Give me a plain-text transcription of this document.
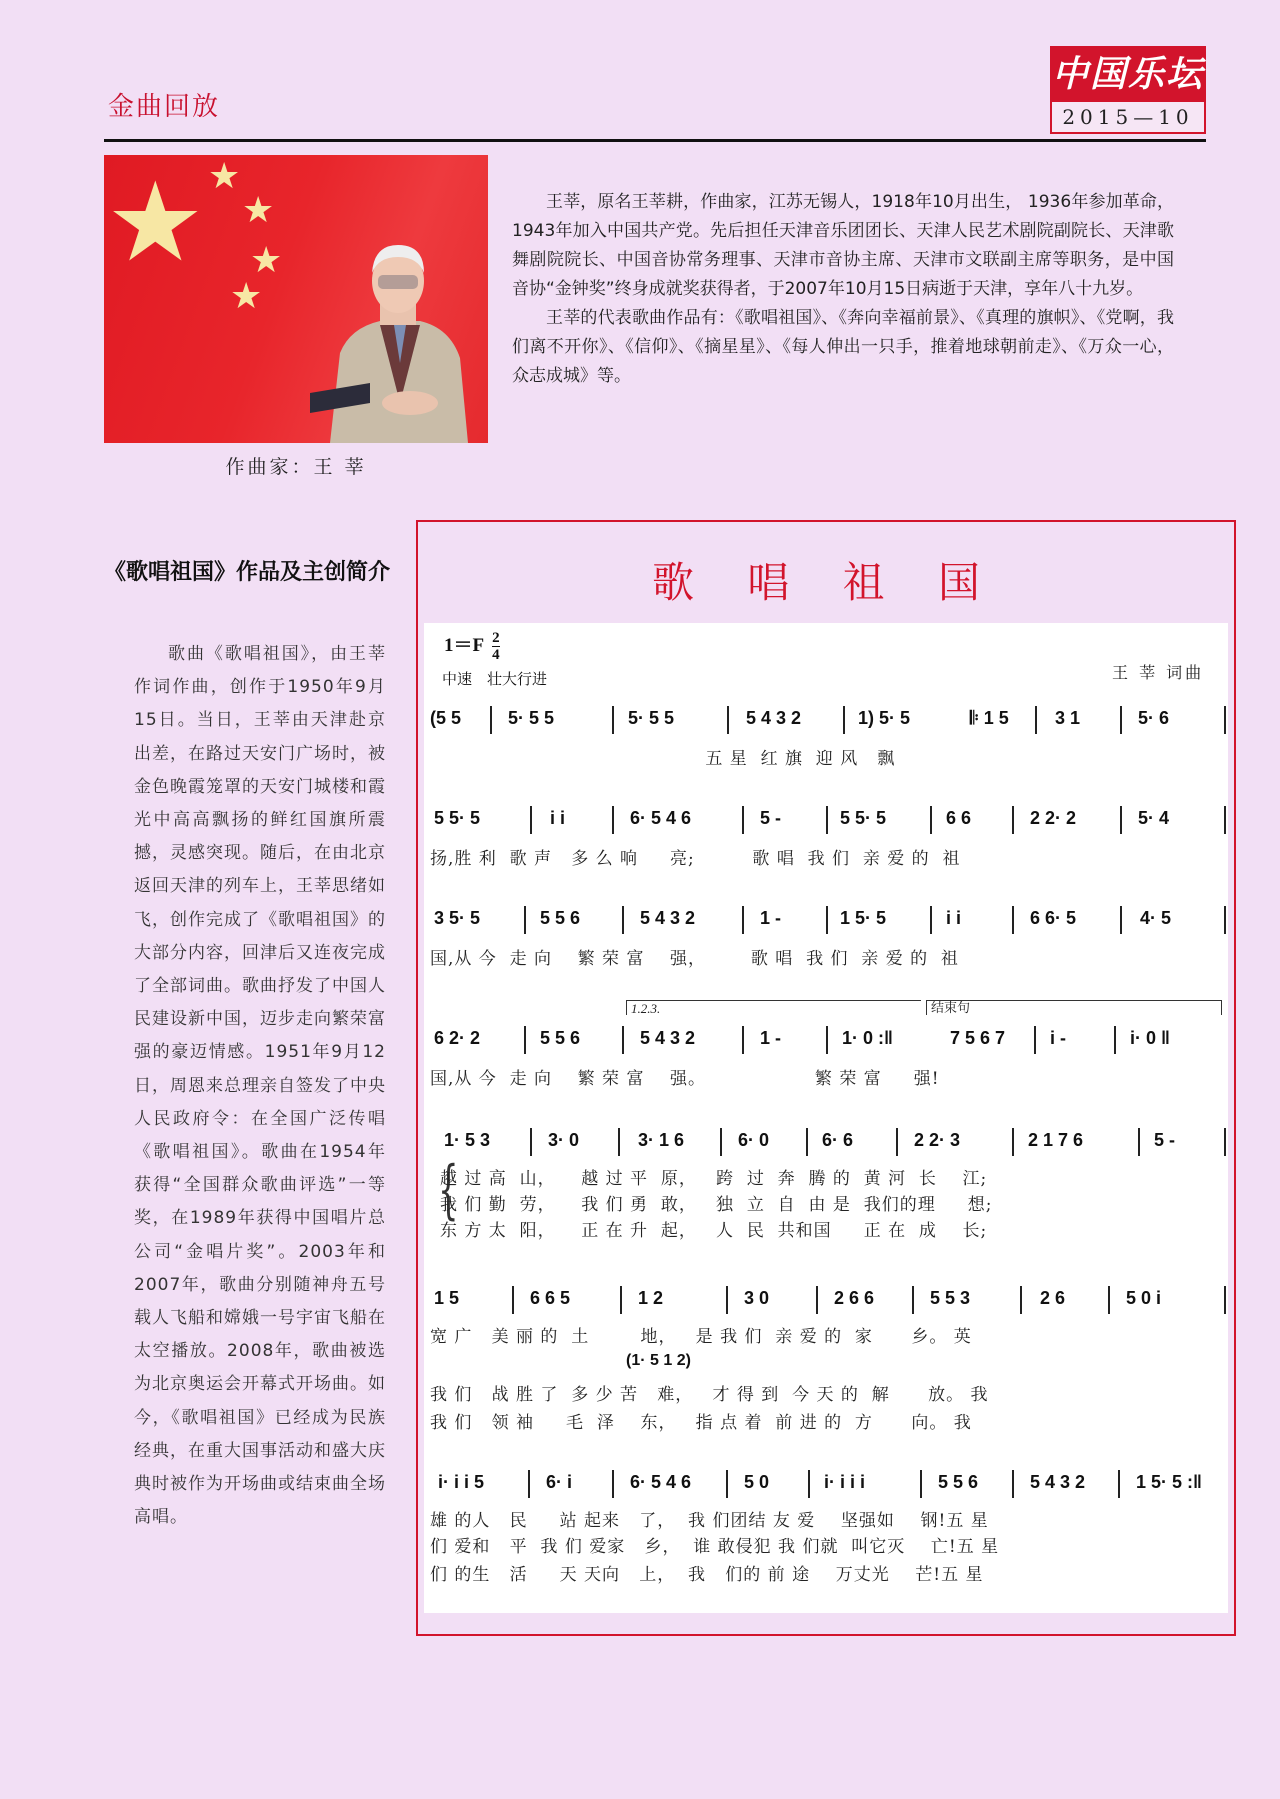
金曲回放
中国乐坛
2015—10
★ ★
★
★
★
作曲家：王 莘

王莘，原名王莘耕，作曲家，江苏无锡人，1918年10月出生， 1936年参加革命，1943年加入中国共产党。先后担任天津音乐团团长、天津人民艺术剧院副院长、天津歌舞剧院院长、中国音协常务理事、天津市音协主席、天津市文联副主席等职务，是中国音协“金钟奖”终身成就奖获得者，于2007年10月15日病逝于天津，享年八十九岁。

王莘的代表歌曲作品有：《歌唱祖国》、《奔向幸福前景》、《真理的旗帜》、《党啊，我们离不开你》、《信仰》、《摘星星》、《每人伸出一只手，推着地球朝前走》、《万众一心，众志成城》等。

《歌唱祖国》作品及主创简介

歌曲《歌唱祖国》，由王莘作词作曲，创作于1950年9月15日。当日，王莘由天津赴京出差，在路过天安门广场时，被金色晚霞笼罩的天安门城楼和霞光中高高飘扬的鲜红国旗所震撼，灵感突现。随后，在由北京返回天津的列车上，王莘思绪如飞，创作完成了《歌唱祖国》的大部分内容，回津后又连夜完成了全部词曲。歌曲抒发了中国人民建设新中国，迈步走向繁荣富强的豪迈情感。1951年9月12日，周恩来总理亲自签发了中央人民政府令：在全国广泛传唱《歌唱祖国》。歌曲在1954年获得“全国群众歌曲评选”一等奖，在1989年获得中国唱片总公司“金唱片奖”。2003年和2007年，歌曲分别随神舟五号载人飞船和嫦娥一号宇宙飞船在太空播放。2008年，歌曲被选为北京奥运会开幕式开场曲。如今，《歌唱祖国》已经成为民族经典，在重大国事活动和盛大庆典时被作为开场曲或结束曲全场高唱。

歌 唱 祖 国
$1=F \frac{2}{4}$
中速　壮大行进	王 莘 词曲
(5 5	5· 5 5	5· 5 5	5 4 3 2	1) 5· 5	𝄆 1 5	3 1	5· 6
五 星  红 旗  迎 风   飘
5 5· 5	i i	6· 5 4 6	5 -	5 5· 5	6 6	2 2· 2	5· 4
扬,胜 利  歌 声   多 么 响     亮;         歌 唱  我 们  亲 爱 的  祖
3 5· 5	5 5 6	5 4 3 2	1 -	1 5· 5	i i	6 6· 5	4· 5
国,从 今  走 向    繁 荣 富    强，       歌 唱  我 们  亲 爱 的  祖
1.2.3.	结束句
6 2· 2	5 5 6	5 4 3 2	1 -	1· 0 :‖	7 5 6 7 i -	i· 0 ‖
国,从 今  走 向    繁 荣 富    强。                 繁 荣 富     强!
1· 5 3	3· 0	3· 1 6	6· 0	6· 6	2 2· 3	2 1 7 6	5 -
{
越 过 高  山，    越 过 平  原，   跨  过  奔  腾 的  黄 河  长    江;
我 们 勤  劳，    我 们 勇  敢，   独  立  自  由 是  我们的理     想;
东 方 太  阳，    正 在 升  起，   人  民  共和国     正 在  成    长;
1 5	6 6 5	1 2	3 0	2 6 6	5 5 3	2 6	5 0 i
宽 广   美 丽 的  土        地，   是 我 们  亲 爱 的  家      乡。 英
(1· 5 1 2)
我 们   战 胜 了  多 少 苦   难，   才 得 到  今 天 的  解      放。 我
我 们   领 袖     毛  泽    东，   指 点 着  前 进 的  方      向。 我
i· i i 5	6· i	6· 5 4 6	5 0	i· i i i	5 5 6	5 4 3 2	1 5· 5 :‖
雄 的人   民     站 起来   了，  我 们团结 友 爱    坚强如    钢!五 星
们 爱和   平  我 们 爱家   乡，  谁 敢侵犯 我 们就  叫它灭    亡!五 星
们 的生   活     天 天向   上，  我   们的 前 途    万丈光    芒!五 星
